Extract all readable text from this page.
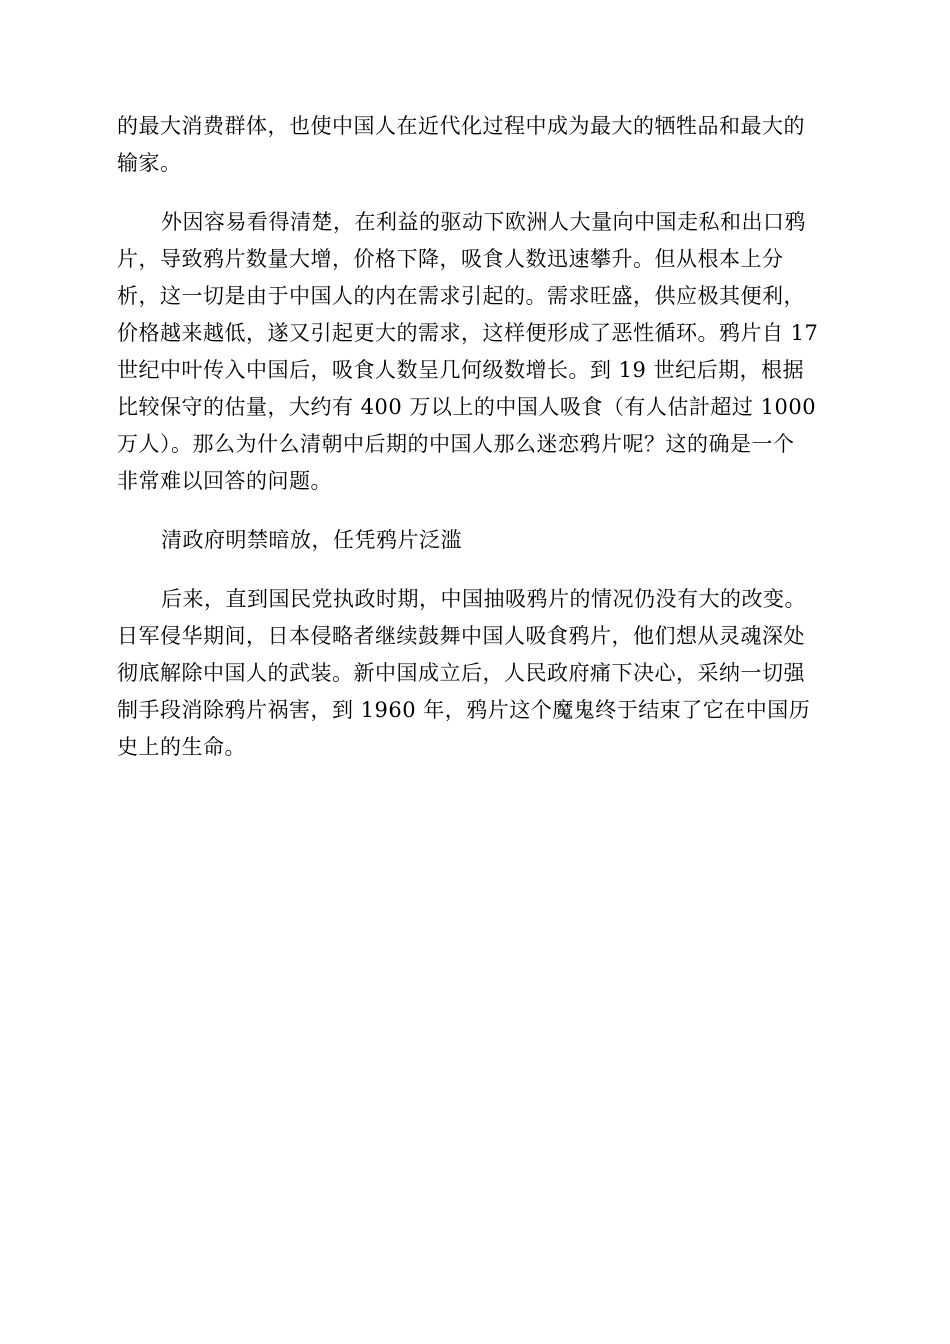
的最大消费群体，也使中国人在近代化过程中成为最大的牺牲品和最大的
输家。
外因容易看得清楚，在利益的驱动下欧洲人大量向中国走私和出口鸦
片，导致鸦片数量大增，价格下降，吸食人数迅速攀升。但从根本上分
析，这一切是由于中国人的内在需求引起的。需求旺盛，供应极其便利，
价格越来越低，遂又引起更大的需求，这样便形成了恶性循环。鸦片自 17
世纪中叶传入中国后，吸食人数呈几何级数增长。到 19 世纪后期，根据
比较保守的估量，大约有 400 万以上的中国人吸食（有人估計超过 1000
万人）。那么为什么清朝中后期的中国人那么迷恋鸦片呢？这的确是一个
非常难以回答的问题。
清政府明禁暗放，任凭鸦片泛滥
后来，直到国民党执政时期，中国抽吸鸦片的情况仍没有大的改变。
日军侵华期间，日本侵略者继续鼓舞中国人吸食鸦片，他们想从灵魂深处
彻底解除中国人的武装。新中国成立后，人民政府痛下决心，采纳一切强
制手段消除鸦片祸害，到 1960 年，鸦片这个魔鬼终于结束了它在中国历
史上的生命。
